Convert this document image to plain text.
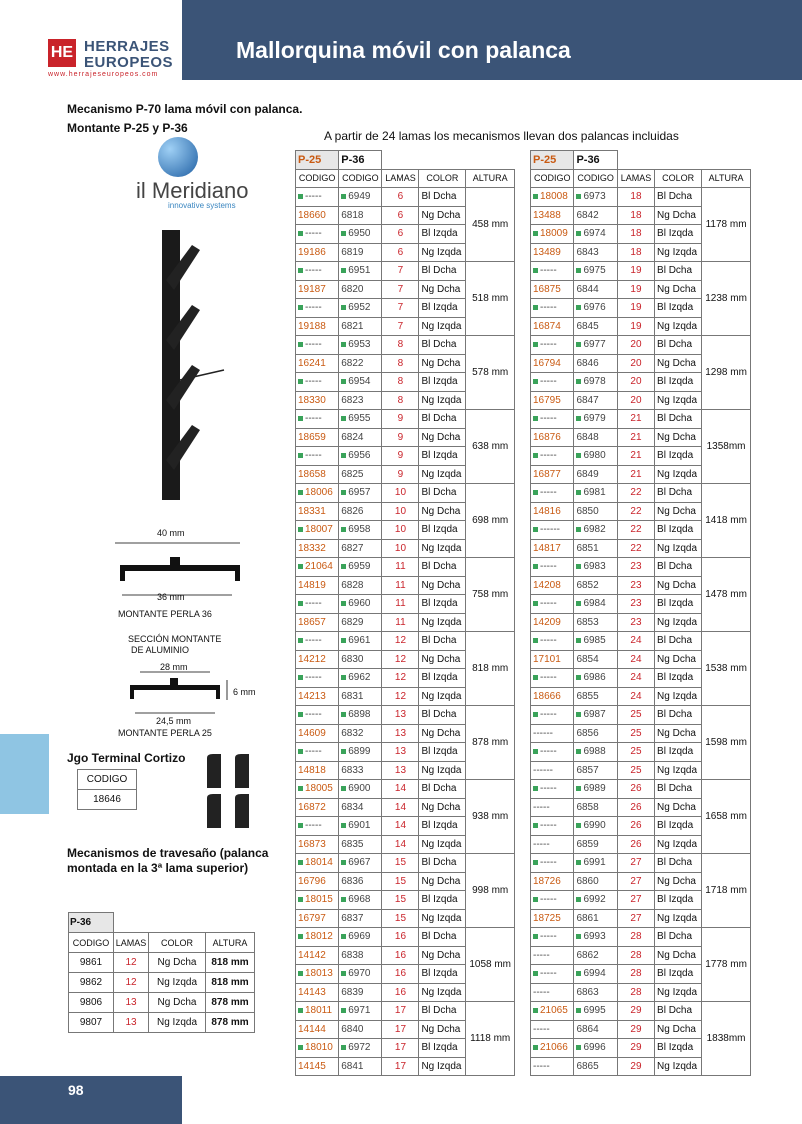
Mallorquina móvil con palanca
HE HERRAJES
EUROPEOS
www.herrajeseuropeos.com
Mecanismo P-70 lama móvil con palanca.
Montante P-25 y P-36
A partir de 24 lamas los mecanismos llevan dos palancas incluidas
il Meridiano
innovative systems
40 mm
36 mm
MONTANTE PERLA 36
SECCIÓN MONTANTE
DE ALUMINIO
28 mm
6 mm
24,5 mm
MONTANTE PERLA 25
Jgo Terminal Cortizo
CODIGO
18646
Mecanismos de travesaño (palanca montada en la 3ª lama superior)
P-36			
CODIGO	LAMAS	COLOR	ALTURA
9861	12	Ng Dcha	818 mm
9862	12	Ng Izqda	818 mm
9806	13	Ng Dcha	878 mm
9807	13	Ng Izqda	878 mm
P-25	P-36			
CODIGO	CODIGO	LAMAS	COLOR	ALTURA
-----	6949	6	Bl Dcha	458 mm
18660	6818	6	Ng Dcha	
-----	6950	6	Bl Izqda	
19186	6819	6	Ng Izqda	
-----	6951	7	Bl Dcha	518 mm
19187	6820	7	Ng Dcha	
-----	6952	7	Bl Izqda	
19188	6821	7	Ng Izqda	
-----	6953	8	Bl Dcha	578 mm
16241	6822	8	Ng Dcha	
-----	6954	8	Bl Izqda	
18330	6823	8	Ng Izqda	
-----	6955	9	Bl Dcha	638 mm
18659	6824	9	Ng Dcha	
-----	6956	9	Bl Izqda	
18658	6825	9	Ng Izqda	
18006	6957	10	Bl Dcha	698 mm
18331	6826	10	Ng Dcha	
18007	6958	10	Bl Izqda	
18332	6827	10	Ng Izqda	
21064	6959	11	Bl Dcha	758 mm
14819	6828	11	Ng Dcha	
-----	6960	11	Bl Izqda	
18657	6829	11	Ng Izqda	
-----	6961	12	Bl Dcha	818 mm
14212	6830	12	Ng Dcha	
-----	6962	12	Bl Izqda	
14213	6831	12	Ng Izqda	
-----	6898	13	Bl Dcha	878 mm
14609	6832	13	Ng Dcha	
-----	6899	13	Bl Izqda	
14818	6833	13	Ng Izqda	
18005	6900	14	Bl Dcha	938 mm
16872	6834	14	Ng Dcha	
-----	6901	14	Bl Izqda	
16873	6835	14	Ng Izqda	
18014	6967	15	Bl Dcha	998 mm
16796	6836	15	Ng Dcha	
18015	6968	15	Bl Izqda	
16797	6837	15	Ng Izqda	
18012	6969	16	Bl Dcha	1058 mm
14142	6838	16	Ng Dcha	
18013	6970	16	Bl Izqda	
14143	6839	16	Ng Izqda	
18011	6971	17	Bl Dcha	1118 mm
14144	6840	17	Ng Dcha	
18010	6972	17	Bl Izqda	
14145	6841	17	Ng Izqda	
P-25	P-36			
CODIGO	CODIGO	LAMAS	COLOR	ALTURA
18008	6973	18	Bl Dcha	1178 mm
13488	6842	18	Ng Dcha	
18009	6974	18	Bl Izqda	
13489	6843	18	Ng Izqda	
-----	6975	19	Bl Dcha	1238 mm
16875	6844	19	Ng Dcha	
-----	6976	19	Bl Izqda	
16874	6845	19	Ng Izqda	
-----	6977	20	Bl Dcha	1298 mm
16794	6846	20	Ng Dcha	
-----	6978	20	Bl Izqda	
16795	6847	20	Ng Izqda	
-----	6979	21	Bl Dcha	1358mm
16876	6848	21	Ng Dcha	
-----	6980	21	Bl Izqda	
16877	6849	21	Ng Izqda	
-----	6981	22	Bl Dcha	1418 mm
14816	6850	22	Ng Dcha	
------	6982	22	Bl Izqda	
14817	6851	22	Ng Izqda	
-----	6983	23	Bl Dcha	1478 mm
14208	6852	23	Ng Dcha	
-----	6984	23	Bl Izqda	
14209	6853	23	Ng Izqda	
-----	6985	24	Bl Dcha	1538 mm
17101	6854	24	Ng Dcha	
-----	6986	24	Bl Izqda	
18666	6855	24	Ng Izqda	
-----	6987	25	Bl Dcha	1598 mm
------	6856	25	Ng Dcha	
-----	6988	25	Bl Izqda	
------	6857	25	Ng Izqda	
-----	6989	26	Bl Dcha	1658 mm
-----	6858	26	Ng Dcha	
-----	6990	26	Bl Izqda	
-----	6859	26	Ng Izqda	
-----	6991	27	Bl Dcha	1718 mm
18726	6860	27	Ng Dcha	
-----	6992	27	Bl Izqda	
18725	6861	27	Ng Izqda	
-----	6993	28	Bl Dcha	1778 mm
-----	6862	28	Ng Dcha	
-----	6994	28	Bl Izqda	
-----	6863	28	Ng Izqda	
21065	6995	29	Bl Dcha	1838mm
-----	6864	29	Ng Dcha	
21066	6996	29	Bl Izqda	
-----	6865	29	Ng Izqda	
98
